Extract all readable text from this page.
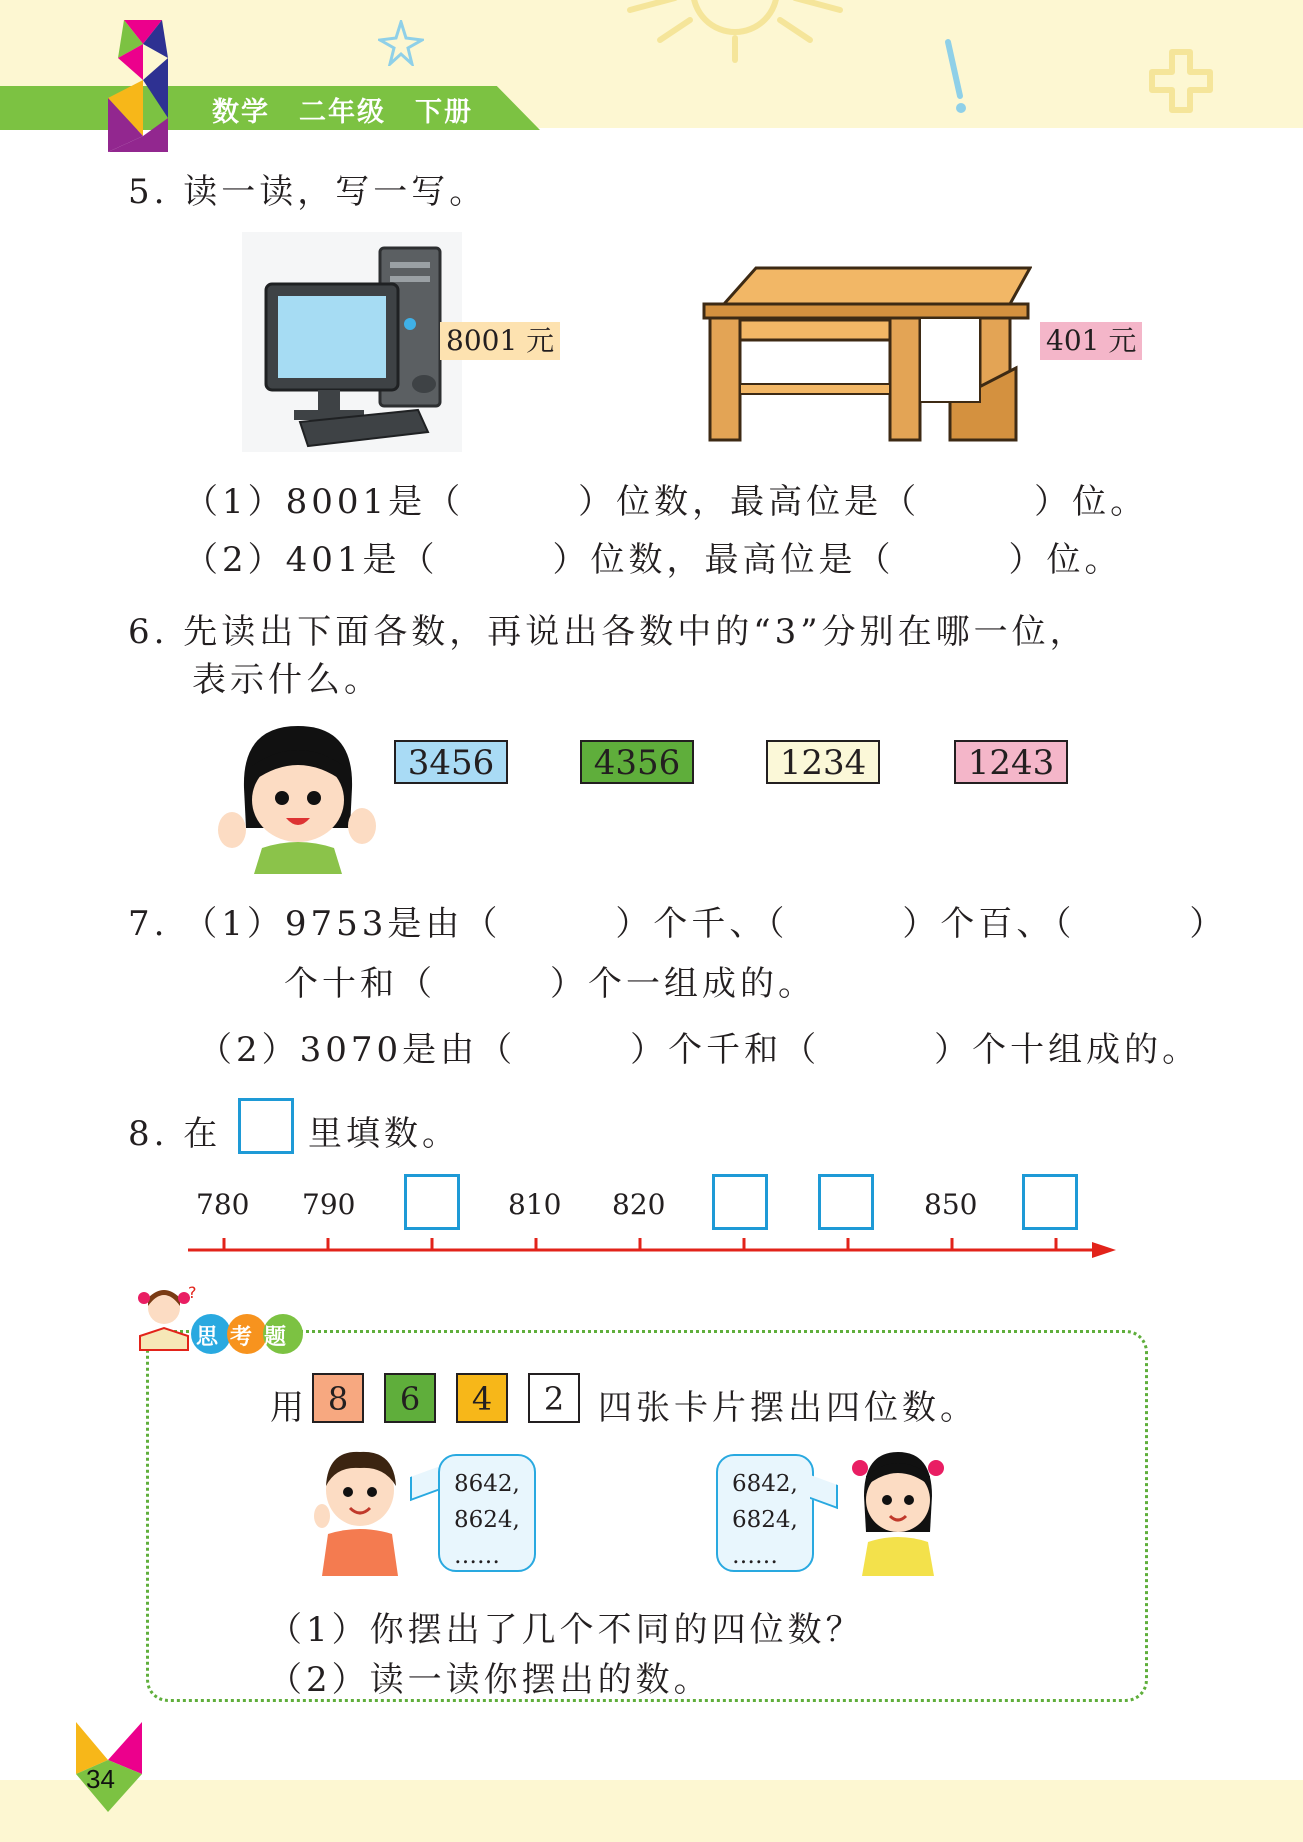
数学　二年级　下册
5. 读一读，写一写。
8001 元	401 元
（1）8001是（　　　）位数，最高位是（　　　）位。
（2）401是（　　　）位数，最高位是（　　　）位。
6. 先读出下面各数，再说出各数中的“3”分别在哪一位，
表示什么。
3456	4356	1234	1243
7. （1）9753是由（　　　）个千、（　　　）个百、（　　　）
个十和（　　　）个一组成的。
（2）3070是由（　　　）个千和（　　　）个十组成的。
8. 在	里填数。
780 790	810 820	850
?
思考题
用 8	6	4	2 四张卡片摆出四位数。
8642,
8624,
……
6842,
6824,
……
（1）你摆出了几个不同的四位数？
（2）读一读你摆出的数。
34
